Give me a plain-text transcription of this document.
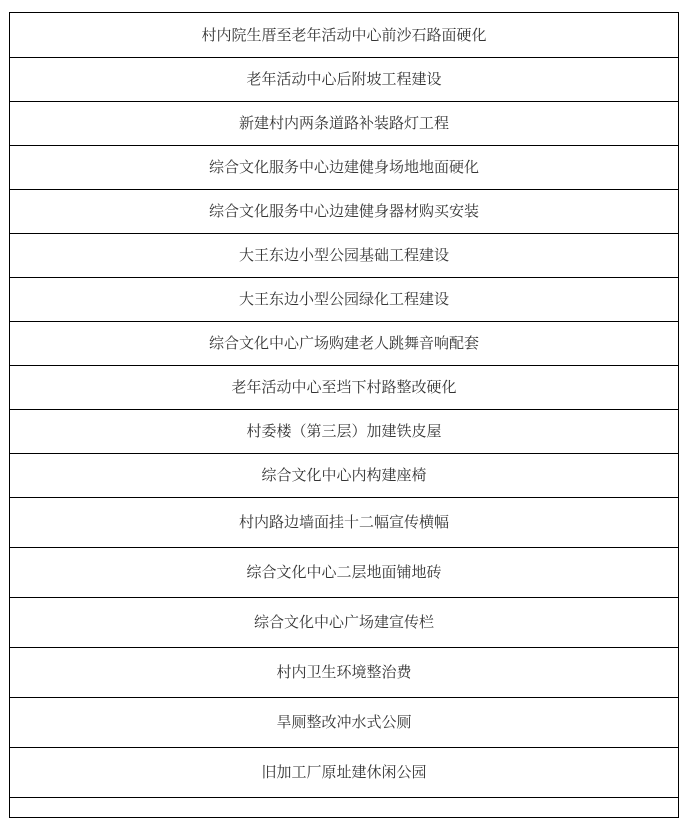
村内院生厝至老年活动中心前沙石路面硬化
老年活动中心后附坡工程建设
新建村内两条道路补装路灯工程
综合文化服务中心边建健身场地地面硬化
综合文化服务中心边建健身器材购买安装
大王东边小型公园基础工程建设
大王东边小型公园绿化工程建设
综合文化中心广场购建老人跳舞音响配套
老年活动中心至垱下村路整改硬化
村委楼（第三层）加建铁皮屋
综合文化中心内构建座椅
村内路边墙面挂十二幅宣传横幅
综合文化中心二层地面铺地砖
综合文化中心广场建宣传栏
村内卫生环境整治费
旱厕整改冲水式公厕
旧加工厂原址建休闲公园
